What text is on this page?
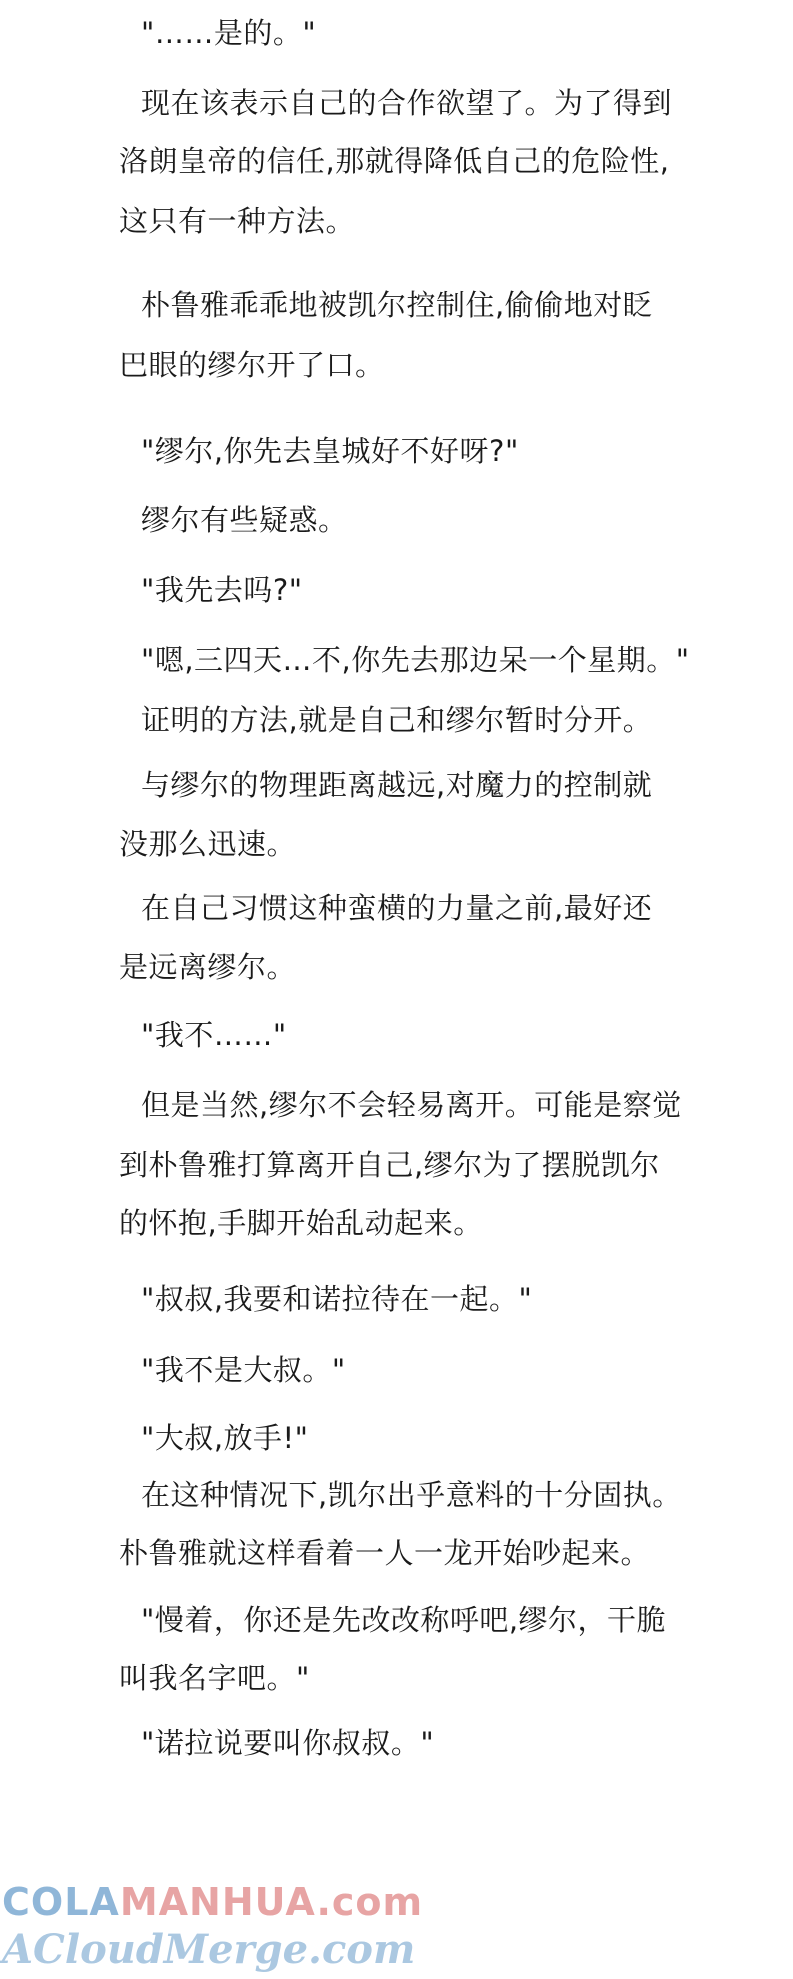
"……是的。"
现在该表示自己的合作欲望了。为了得到
洛朗皇帝的信任,那就得降低自己的危险性,
这只有一种方法。
朴鲁雅乖乖地被凯尔控制住,偷偷地对眨
巴眼的缪尔开了口。
"缪尔,你先去皇城好不好呀?"
缪尔有些疑惑。
"我先去吗?"
"嗯,三四天…不,你先去那边呆一个星期。"
证明的方法,就是自己和缪尔暂时分开。
与缪尔的物理距离越远,对魔力的控制就
没那么迅速。
在自己习惯这种蛮横的力量之前,最好还
是远离缪尔。
"我不……"
但是当然,缪尔不会轻易离开。可能是察觉
到朴鲁雅打算离开自己,缪尔为了摆脱凯尔
的怀抱,手脚开始乱动起来。
"叔叔,我要和诺拉待在一起。"
"我不是大叔。"
"大叔,放手!"
在这种情况下,凯尔出乎意料的十分固执。
朴鲁雅就这样看着一人一龙开始吵起来。
"慢着，你还是先改改称呼吧,缪尔，干脆
叫我名字吧。"
"诺拉说要叫你叔叔。"
COLAMANHUA.com
ACloudMerge.com
